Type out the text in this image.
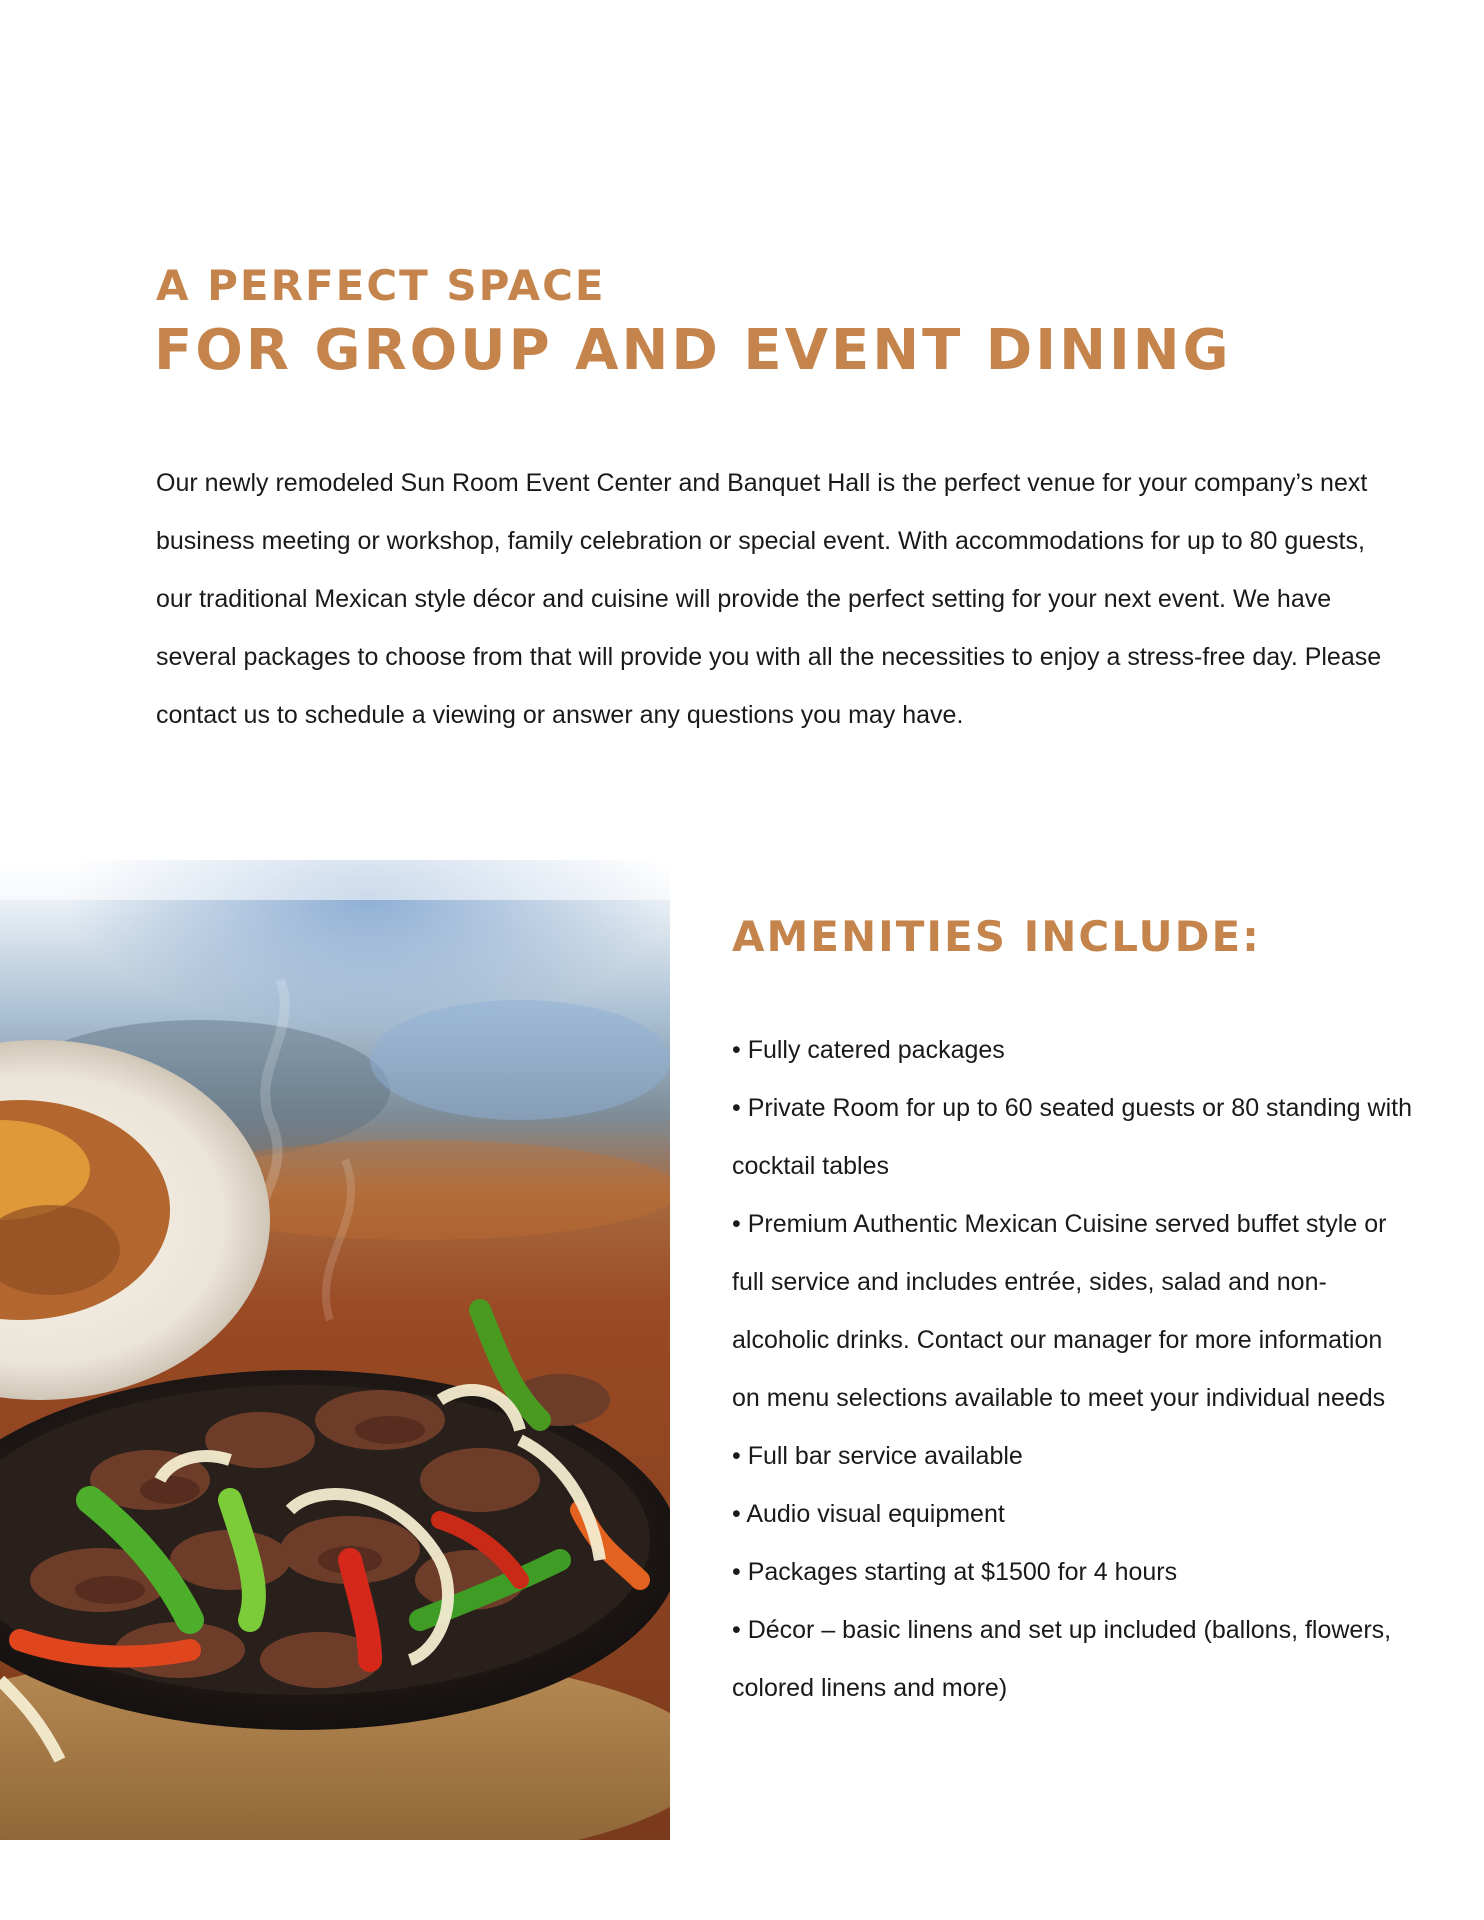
A PERFECT SPACE
FOR GROUP AND EVENT DINING

Our newly remodeled Sun Room Event Center and Banquet Hall is the perfect venue for your company’s next business meeting or workshop, family celebration or special event. With accommodations for up to 80 guests, our traditional Mexican style décor and cuisine will provide the perfect setting for your next event. We have several packages to choose from that will provide you with all the necessities to enjoy a stress-free day. Please contact us to schedule a viewing or answer any questions you may have.

AMENITIES INCLUDE:
• Fully catered packages
• Private Room for up to 60 seated guests or 80 standing with cocktail tables
• Premium Authentic Mexican Cuisine served buffet style or full service and includes entrée, sides, salad and non-alcoholic drinks. Contact our manager for more information on menu selections available to meet your individual needs
• Full bar service available
• Audio visual equipment
• Packages starting at $1500 for 4 hours
• Décor – basic linens and set up included (ballons, flowers, colored linens and more)
